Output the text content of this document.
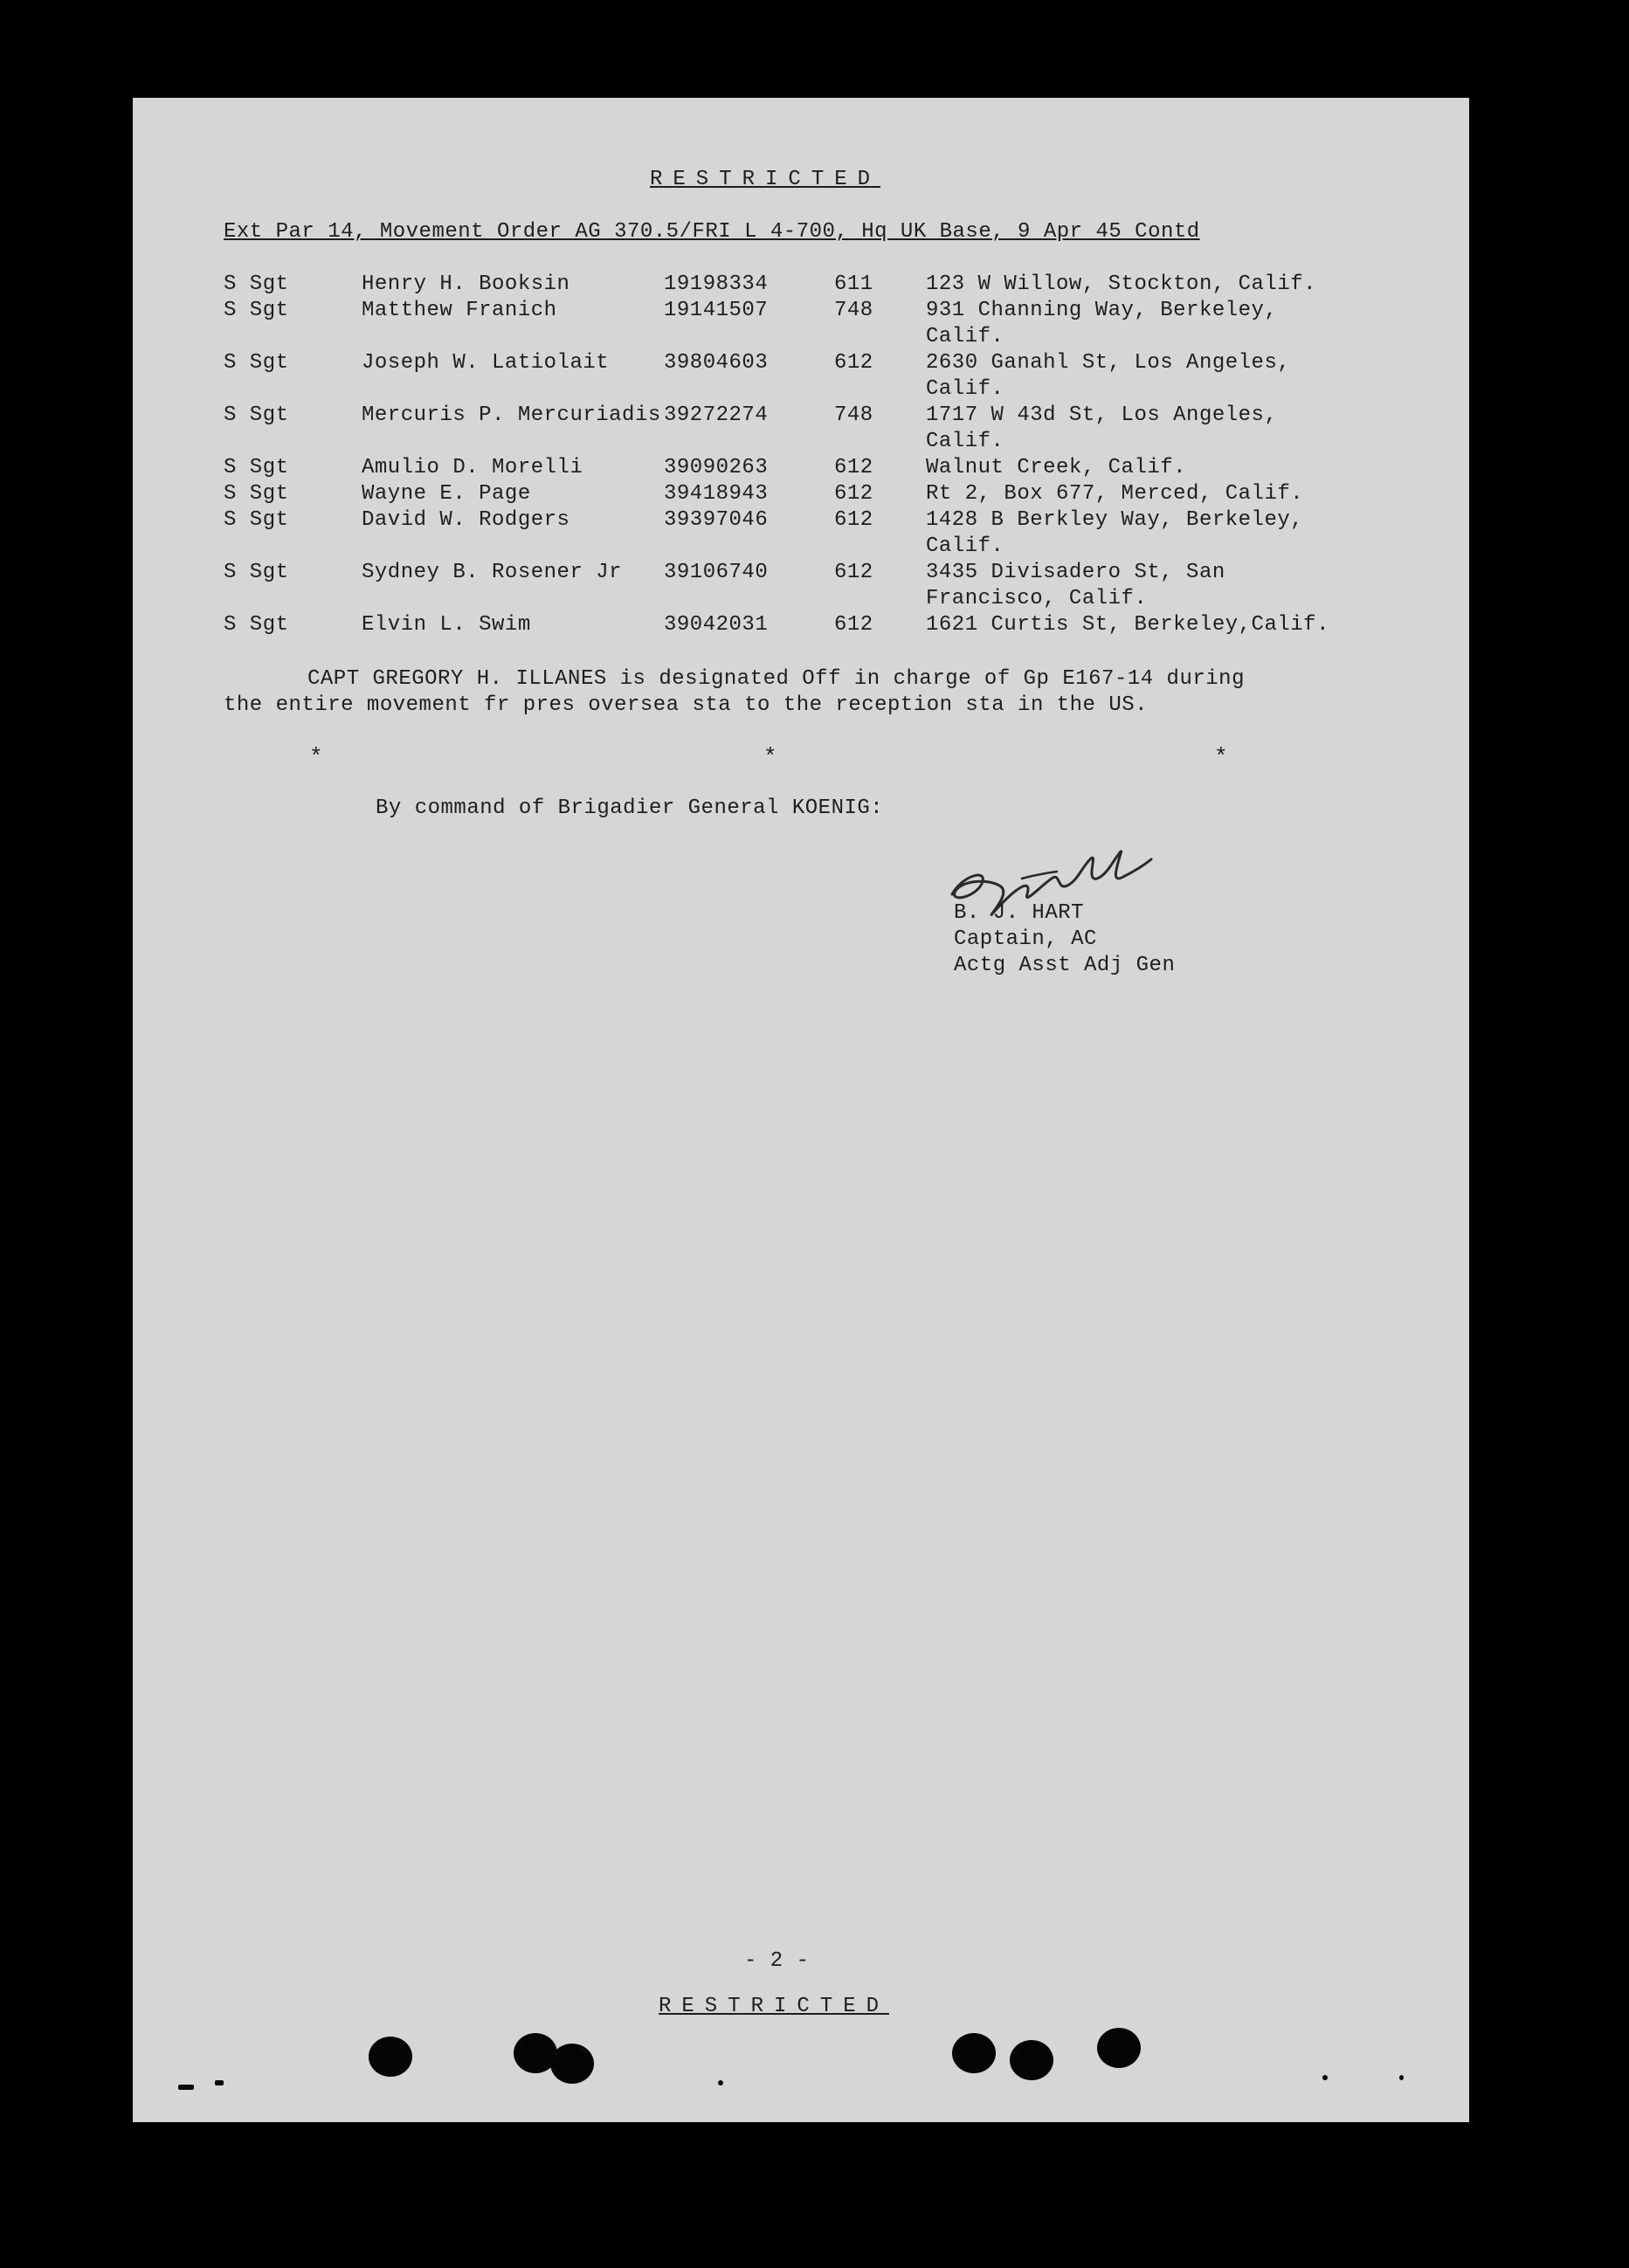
RESTRICTED
Ext Par 14, Movement Order AG 370.5/FRI L 4-700, Hq UK Base, 9 Apr 45 Contd
S Sgt	Henry H. Booksin	19198334	611	123 W Willow, Stockton, Calif.
S Sgt	Matthew Franich	19141507	748	931 Channing Way, Berkeley,
Calif.
S Sgt	Joseph W. Latiolait	39804603	612	2630 Ganahl St, Los Angeles,
Calif.
S Sgt	Mercuris P. Mercuriadis 39272274	748	1717 W 43d St, Los Angeles,
Calif.
S Sgt	Amulio D. Morelli	39090263	612	Walnut Creek, Calif.
S Sgt	Wayne E. Page	39418943	612	Rt 2, Box 677, Merced, Calif.
S Sgt	David W. Rodgers	39397046	612	1428 B Berkley Way, Berkeley,
Calif.
S Sgt	Sydney B. Rosener Jr 39106740	612	3435 Divisadero St, San
Francisco, Calif.
S Sgt	Elvin L. Swim	39042031	612	1621 Curtis St, Berkeley,Calif.
CAPT GREGORY H. ILLANES is designated Off in charge of Gp E167-14 during
the entire movement fr pres oversea sta to the reception sta in the US.
*	*	*
By command of Brigadier General KOENIG:
B. J. HART
Captain, AC
Actg Asst Adj Gen
- 2 -
RESTRICTED
